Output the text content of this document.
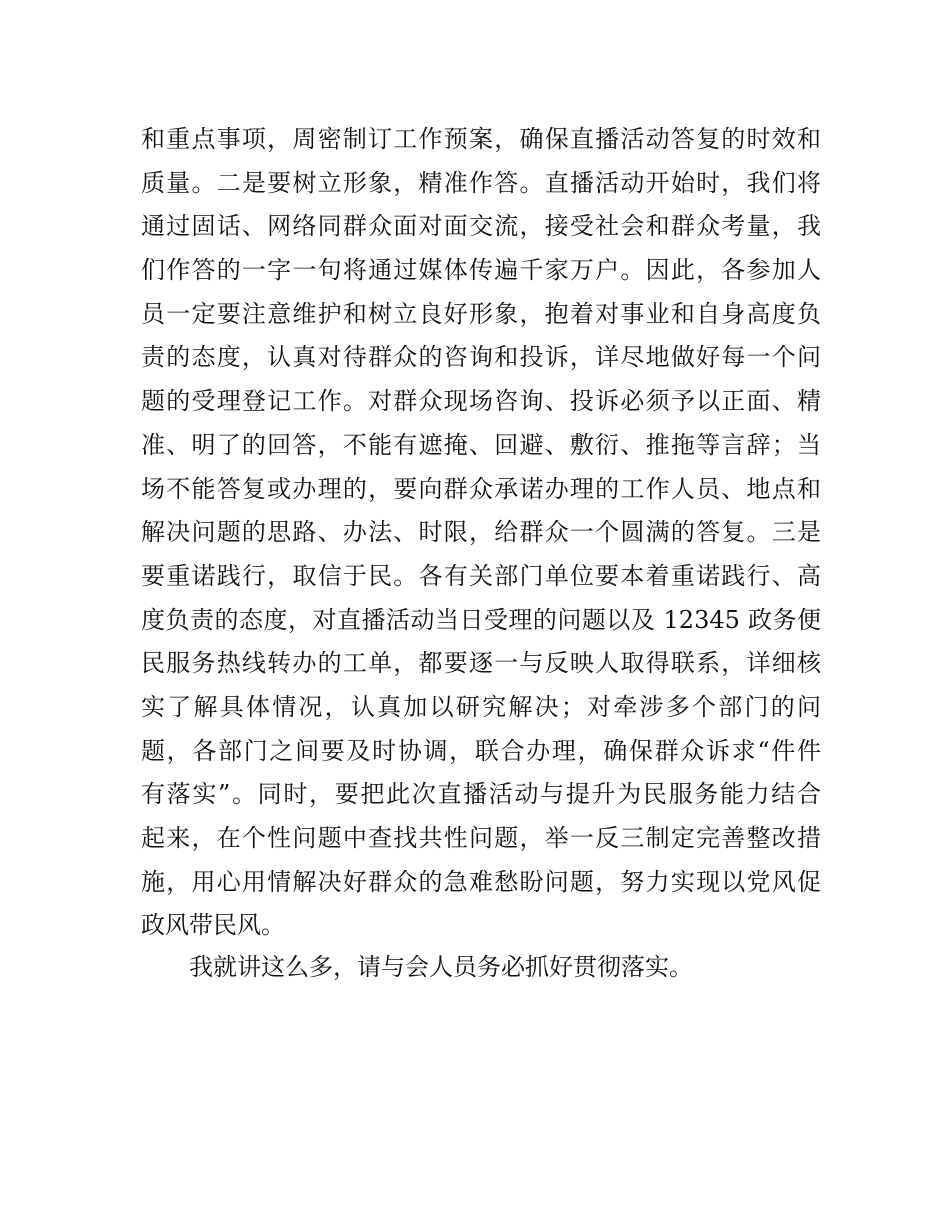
和重点事项，周密制订工作预案，确保直播活动答复的时效和
质量。二是要树立形象，精准作答。直播活动开始时，我们将
通过固话、网络同群众面对面交流，接受社会和群众考量，我
们作答的一字一句将通过媒体传遍千家万户。因此，各参加人
员一定要注意维护和树立良好形象，抱着对事业和自身高度负
责的态度，认真对待群众的咨询和投诉，详尽地做好每一个问
题的受理登记工作。对群众现场咨询、投诉必须予以正面、精
准、明了的回答，不能有遮掩、回避、敷衍、推拖等言辞；当
场不能答复或办理的，要向群众承诺办理的工作人员、地点和
解决问题的思路、办法、时限，给群众一个圆满的答复。三是
要重诺践行，取信于民。各有关部门单位要本着重诺践行、高
度负责的态度，对直播活动当日受理的问题以及 12345 政务便
民服务热线转办的工单，都要逐一与反映人取得联系，详细核
实了解具体情况，认真加以研究解决；对牵涉多个部门的问
题，各部门之间要及时协调，联合办理，确保群众诉求“件件
有落实”。同时，要把此次直播活动与提升为民服务能力结合
起来，在个性问题中查找共性问题，举一反三制定完善整改措
施，用心用情解决好群众的急难愁盼问题，努力实现以党风促
政风带民风。
我就讲这么多，请与会人员务必抓好贯彻落实。
